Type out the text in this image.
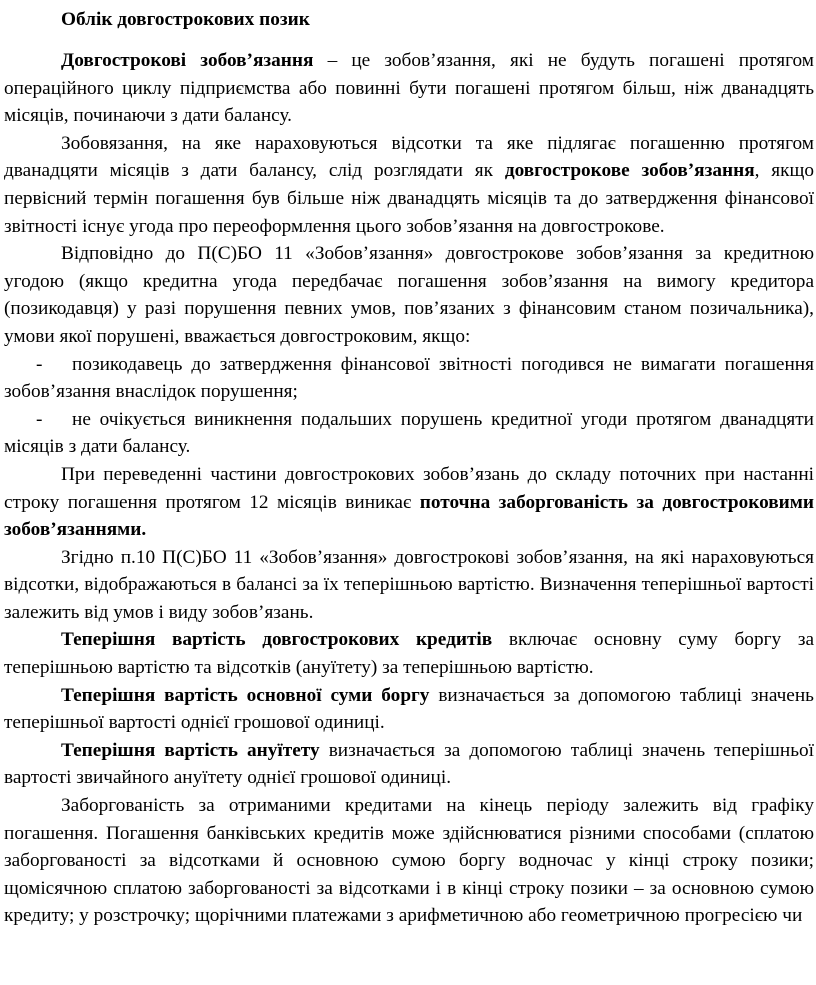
Облік довгострокових позик

Довгострокові зобов’язання – це зобов’язання, які не будуть погашені протягом операційного циклу підприємства або повинні бути погашені протягом більш, ніж дванадцять місяців, починаючи з дати балансу.

Зобовязання, на яке нараховуються відсотки та яке підлягає погашенню протягом дванадцяти місяців з дати балансу, слід розглядати як довгострокове зобов’язання, якщо первісний термін погашення був більше ніж дванадцять місяців та до затвердження фінансової звітності існує угода про переоформлення цього зобов’язання на довгострокове.

Відповідно до П(С)БО 11 «Зобов’язання» довгострокове зобов’язання за кредитною угодою (якщо кредитна угода передбачає погашення зобов’язання на вимогу кредитора (позикодавця) у разі порушення певних умов, пов’язаних з фінансовим станом позичальника), умови якої порушені, вважається довгостроковим, якщо:

- позикодавець до затвердження фінансової звітності погодився не вимагати погашення зобов’язання внаслідок порушення;

- не очікується виникнення подальших порушень кредитної угоди протягом дванадцяти місяців з дати балансу.

При переведенні частини довгострокових зобов’язань до складу поточних при настанні строку погашення протягом 12 місяців виникає поточна заборгованість за довгостроковими зобов’язаннями.

Згідно п.10 П(С)БО 11 «Зобов’язання» довгострокові зобов’язання, на які нараховуються відсотки, відображаються в балансі за їх теперішньою вартістю. Визначення теперішньої вартості залежить від умов і виду зобов’язань.

Теперішня вартість довгострокових кредитів включає основну суму боргу за теперішньою вартістю та відсотків (ануїтету) за теперішньою вартістю.

Теперішня вартість основної суми боргу визначається за допомогою таблиці значень теперішньої вартості однієї грошової одиниці.

Теперішня вартість ануїтету визначається за допомогою таблиці значень теперішньої вартості звичайного ануїтету однієї грошової одиниці.

Заборгованість за отриманими кредитами на кінець періоду залежить від графіку погашення. Погашення банківських кредитів може здійснюватися різними способами (сплатою заборгованості за відсотками й основною сумою боргу водночас у кінці строку позики; щомісячною сплатою заборгованості за відсотками і в кінці строку позики – за основною сумою кредиту; у розстрочку; щорічними платежами з арифметичною або геометричною прогресією чи
